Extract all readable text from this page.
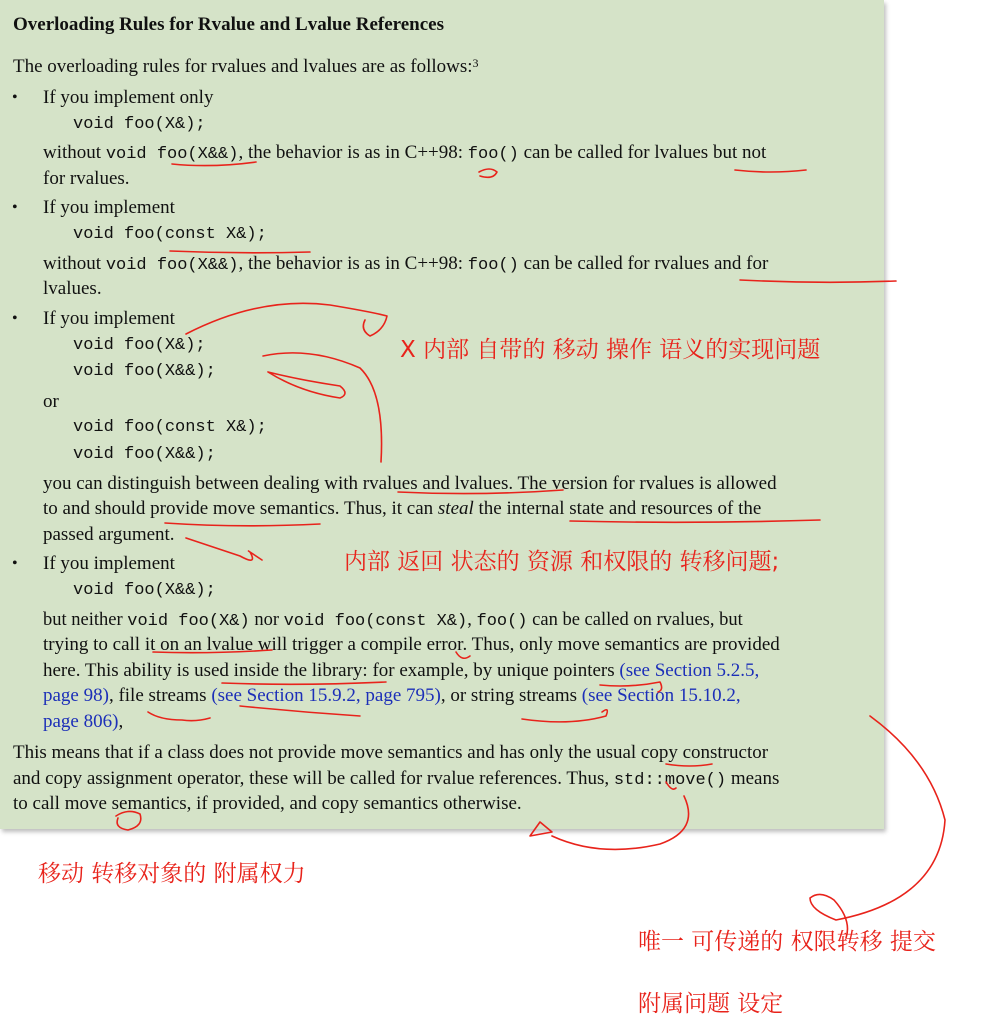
Overloading Rules for Rvalue and Lvalue References
The overloading rules for rvalues and lvalues are as follows:$^3$
• If you implement only
void foo(X&);
without void foo(X&&), the behavior is as in C++98: foo() can be called for lvalues but not
for rvalues.
• If you implement
void foo(const X&);
without void foo(X&&), the behavior is as in C++98: foo() can be called for rvalues and for
lvalues.
• If you implement
void foo(X&);
void foo(X&&);
or
void foo(const X&);
void foo(X&&);
you can distinguish between dealing with rvalues and lvalues. The version for rvalues is allowed
to and should provide move semantics. Thus, it can steal the internal state and resources of the
passed argument.
• If you implement
void foo(X&&);
but neither void foo(X&) nor void foo(const X&), foo() can be called on rvalues, but
trying to call it on an lvalue will trigger a compile error. Thus, only move semantics are provided
here. This ability is used inside the library: for example, by unique pointers (see Section 5.2.5,
page 98), file streams (see Section 15.9.2, page 795), or string streams (see Section 15.10.2,
page 806),
This means that if a class does not provide move semantics and has only the usual copy constructor
and copy assignment operator, these will be called for rvalue references. Thus, std::move() means
to call move semantics, if provided, and copy semantics otherwise.
X 内部 自带的 移动 操作 语义的实现问题
内部 返回 状态的 资源 和权限的 转移问题;
移动 转移对象的 附属权力
唯一 可传递的 权限转移 提交
附属问题 设定
